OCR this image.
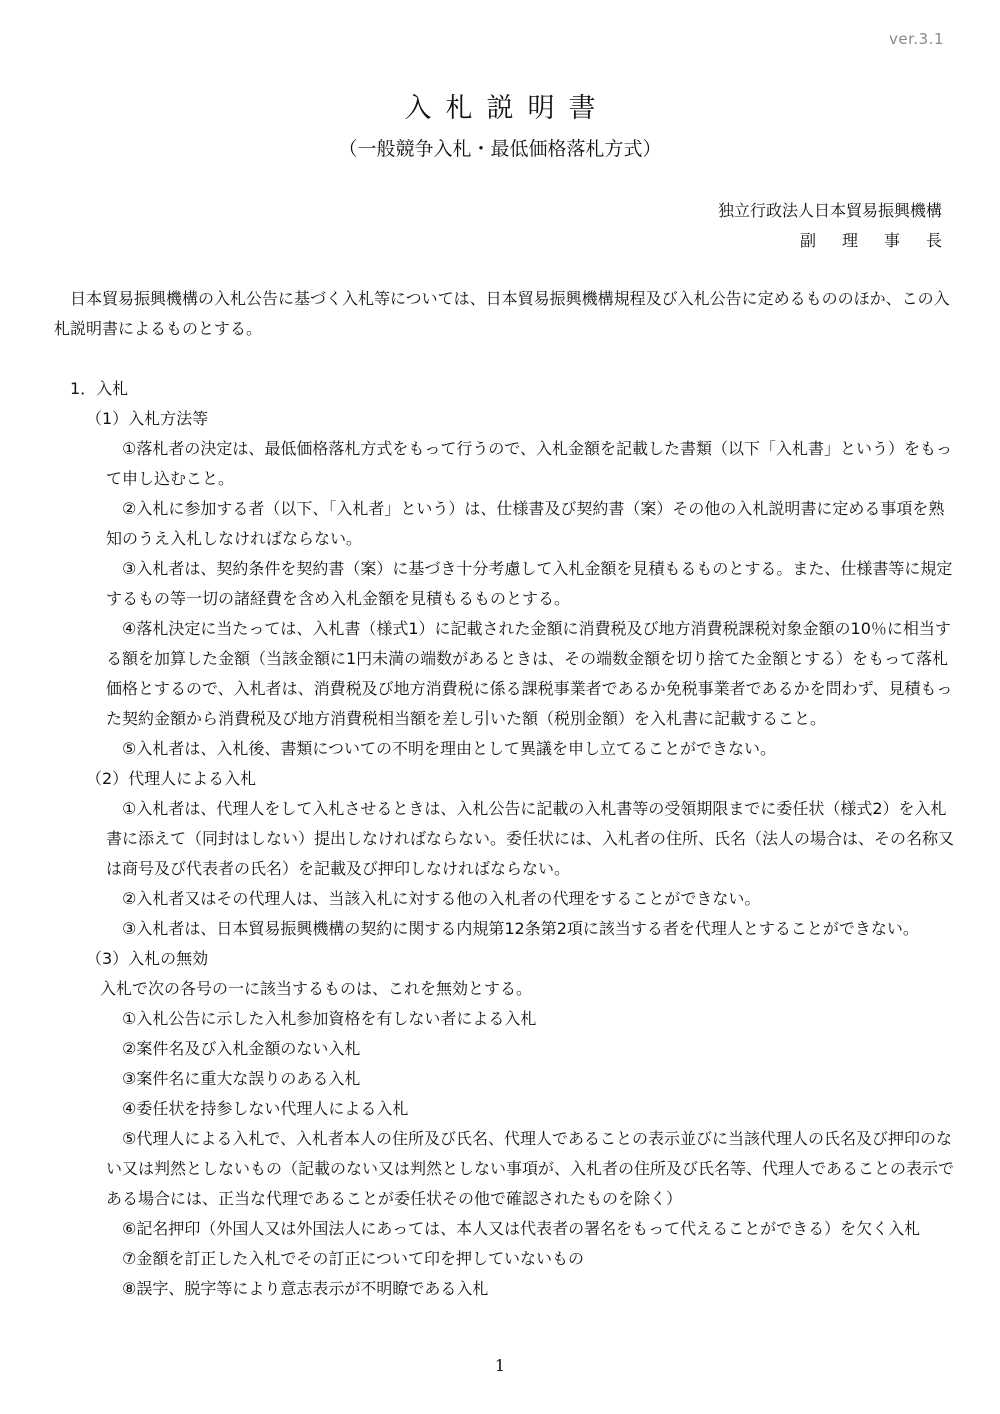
ver.3.1
入札説明書
（一般競争入札・最低価格落札方式）
独立行政法人日本貿易振興機構
副理事長

日本貿易振興機構の入札公告に基づく入札等については、日本貿易振興機構規程及び入札公告に定めるもののほか、この入札説明書によるものとする。

1．入札

（1）入札方法等

①落札者の決定は、最低価格落札方式をもって行うので、入札金額を記載した書類（以下「入札書」という）をもって申し込むこと。

②入札に参加する者（以下、「入札者」という）は、仕様書及び契約書（案）その他の入札説明書に定める事項を熟知のうえ入札しなければならない。

③入札者は、契約条件を契約書（案）に基づき十分考慮して入札金額を見積もるものとする。また、仕様書等に規定するもの等一切の諸経費を含め入札金額を見積もるものとする。

④落札決定に当たっては、入札書（様式1）に記載された金額に消費税及び地方消費税課税対象金額の10％に相当する額を加算した金額（当該金額に1円未満の端数があるときは、その端数金額を切り捨てた金額とする）をもって落札価格とするので、入札者は、消費税及び地方消費税に係る課税事業者であるか免税事業者であるかを問わず、見積もった契約金額から消費税及び地方消費税相当額を差し引いた額（税別金額）を入札書に記載すること。

⑤入札者は、入札後、書類についての不明を理由として異議を申し立てることができない。

（2）代理人による入札

①入札者は、代理人をして入札させるときは、入札公告に記載の入札書等の受領期限までに委任状（様式2）を入札書に添えて（同封はしない）提出しなければならない。委任状には、入札者の住所、氏名（法人の場合は、その名称又は商号及び代表者の氏名）を記載及び押印しなければならない。

②入札者又はその代理人は、当該入札に対する他の入札者の代理をすることができない。

③入札者は、日本貿易振興機構の契約に関する内規第12条第2項に該当する者を代理人とすることができない。

（3）入札の無効

入札で次の各号の一に該当するものは、これを無効とする。

①入札公告に示した入札参加資格を有しない者による入札

②案件名及び入札金額のない入札

③案件名に重大な誤りのある入札

④委任状を持参しない代理人による入札

⑤代理人による入札で、入札者本人の住所及び氏名、代理人であることの表示並びに当該代理人の氏名及び押印のない又は判然としないもの（記載のない又は判然としない事項が、入札者の住所及び氏名等、代理人であることの表示である場合には、正当な代理であることが委任状その他で確認されたものを除く）

⑥記名押印（外国人又は外国法人にあっては、本人又は代表者の署名をもって代えることができる）を欠く入札

⑦金額を訂正した入札でその訂正について印を押していないもの

⑧誤字、脱字等により意志表示が不明瞭である入札

1
